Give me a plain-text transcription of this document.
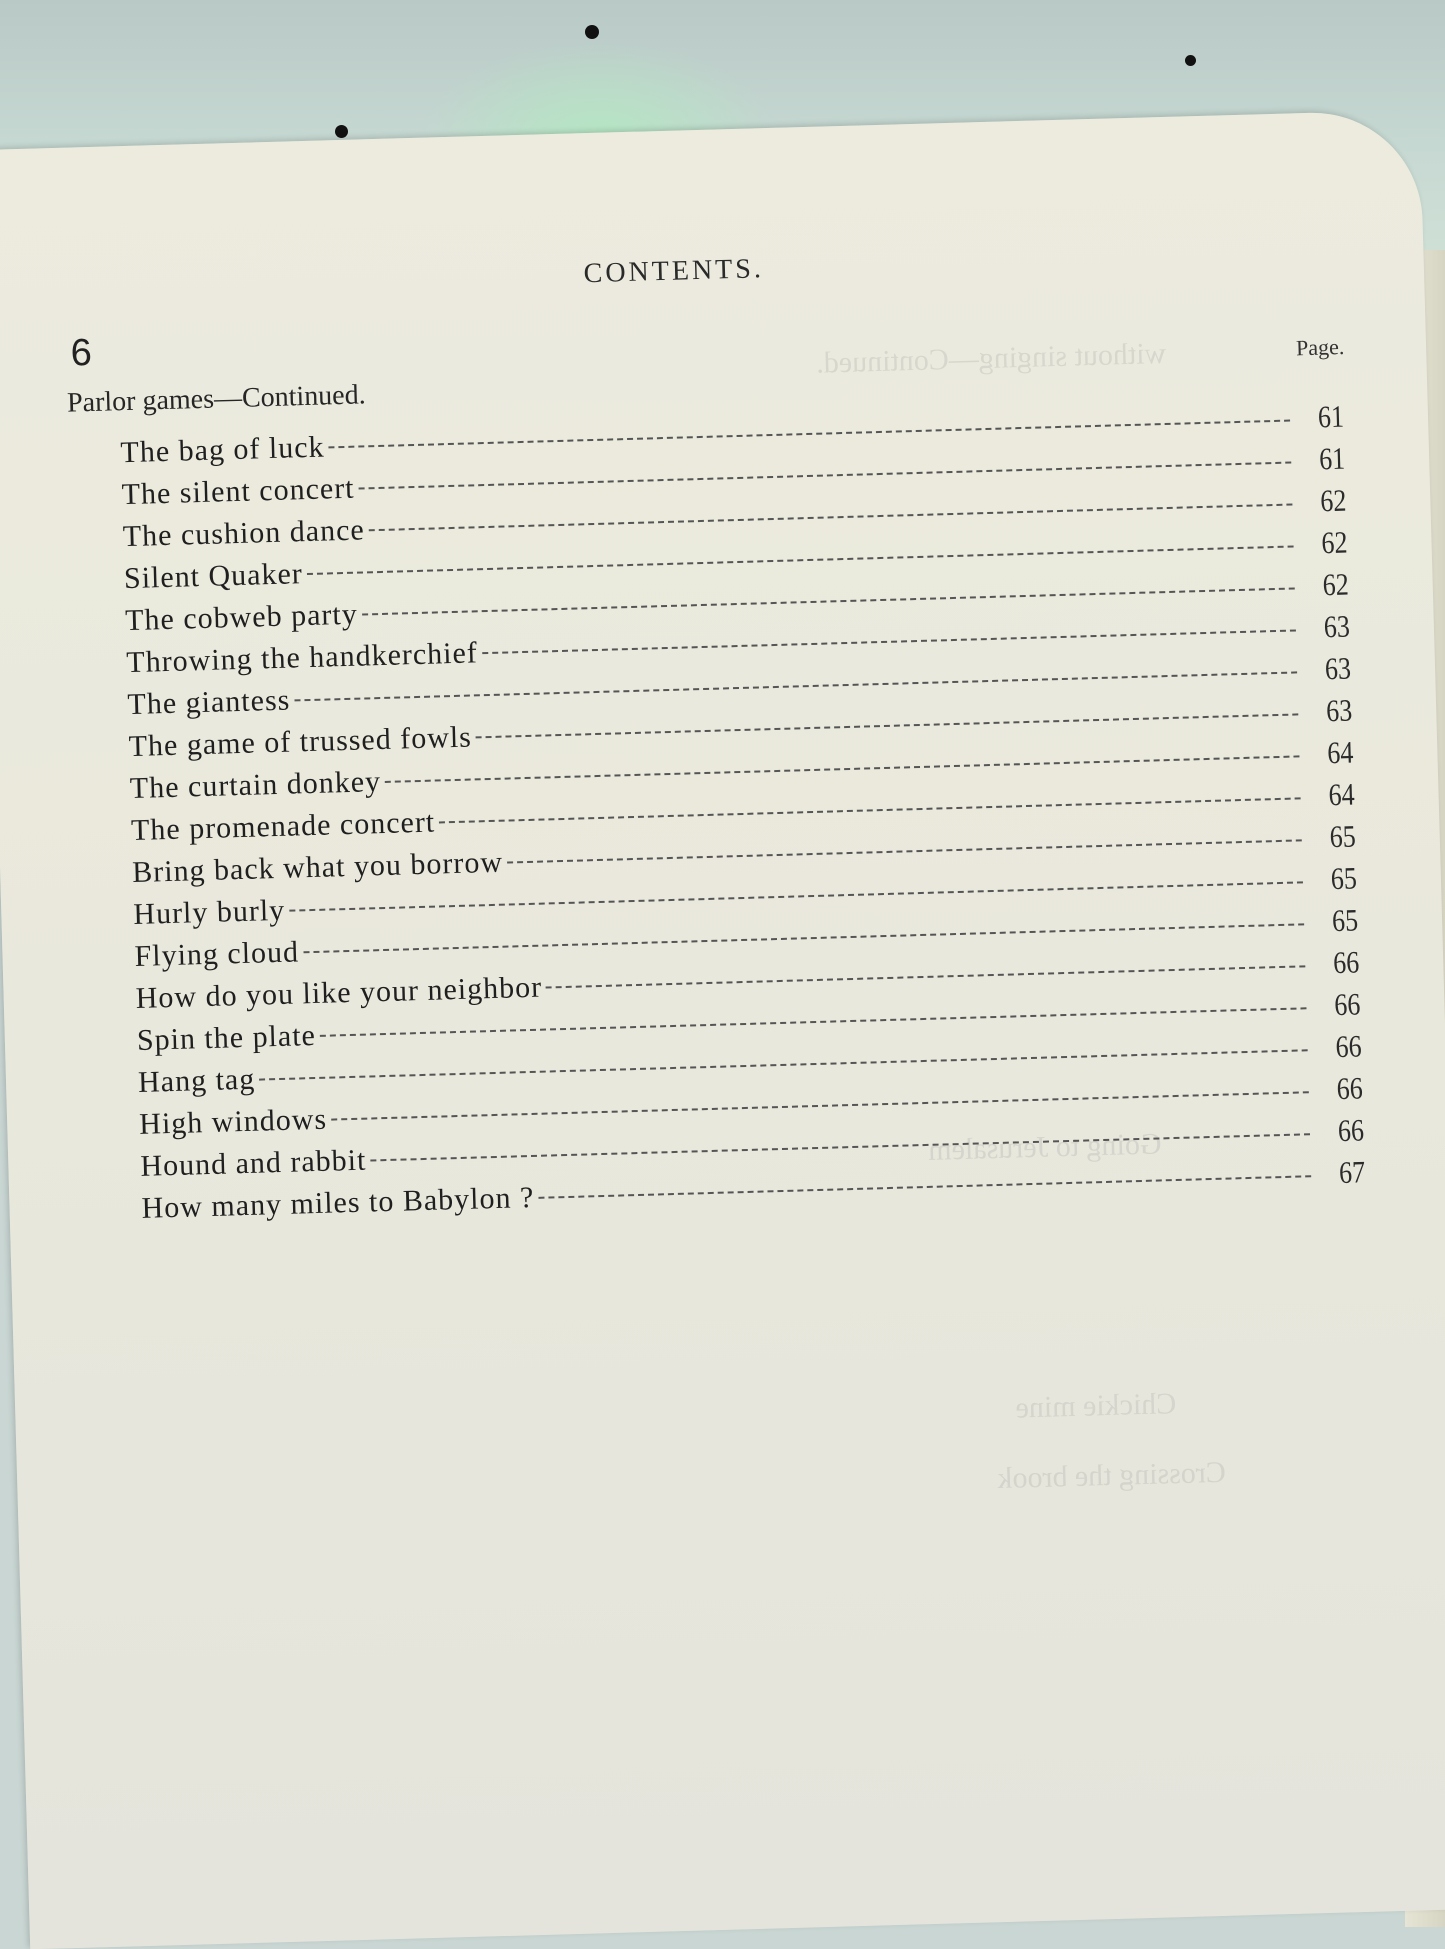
without singing—Continued.
Going to Jerusalem
Chickie mine
Crossing the brook
CONTENTS.
6	Page.
Parlor games—Continued.
The bag of luck
61
The silent concert
61
The cushion dance
62
Silent Quaker
62
The cobweb party
62
Throwing the handkerchief
63
The giantess
63
The game of trussed fowls
63
The curtain donkey
64
The promenade concert
64
Bring back what you borrow
65
Hurly burly
65
Flying cloud
65
How do you like your neighbor
66
Spin the plate
66
Hang tag
66
High windows
66
Hound and rabbit
66
How many miles to Babylon ?
67
